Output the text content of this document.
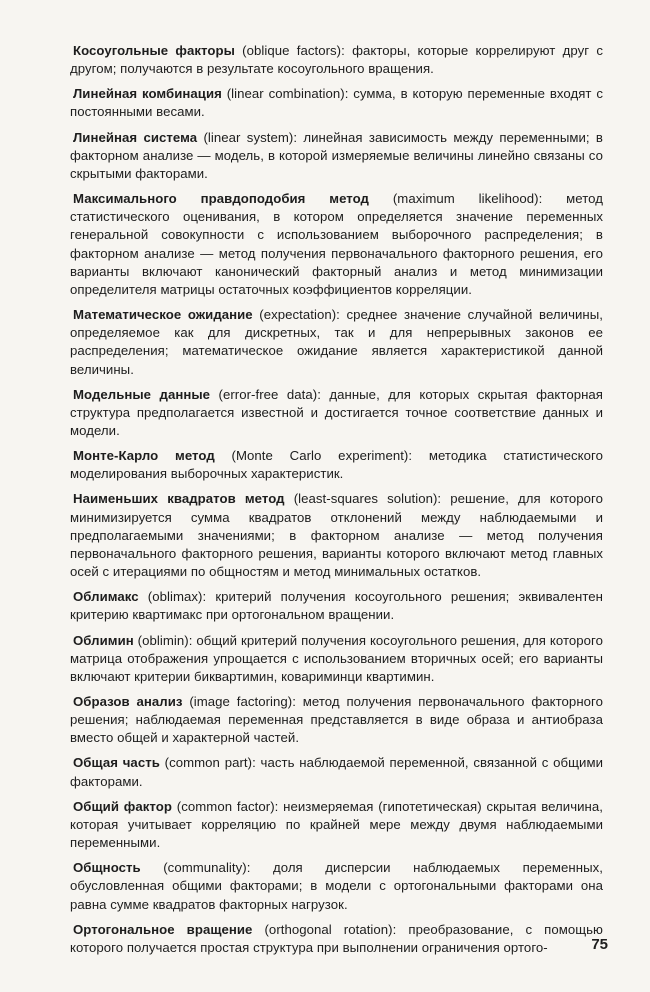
Косоугольные факторы (oblique factors): факторы, которые коррелируют друг с другом; получаются в результате косоугольного вращения.

Линейная комбинация (linear combination): сумма, в которую переменные входят с постоянными весами.

Линейная система (linear system): линейная зависимость между переменными; в факторном анализе — модель, в которой измеряемые величины линейно связаны со скрытыми факторами.

Максимального правдоподобия метод (maximum likelihood): метод статистического оценивания, в котором определяется значение переменных генеральной совокупности с использованием выборочного распределения; в факторном анализе — метод получения первоначального факторного решения, его варианты включают канонический факторный анализ и метод минимизации определителя матрицы остаточных коэффициентов корреляции.

Математическое ожидание (expectation): среднее значение случайной величины, определяемое как для дискретных, так и для непрерывных законов ее распределения; математическое ожидание является характеристикой данной величины.

Модельные данные (error-free data): данные, для которых скрытая факторная структура предполагается известной и достигается точное соответствие данных и модели.

Монте-Карло метод (Monte Carlo experiment): методика статистического моделирования выборочных характеристик.

Наименьших квадратов метод (least-squares solution): решение, для которого минимизируется сумма квадратов отклонений между наблюдаемыми и предполагаемыми значениями; в факторном анализе — метод получения первоначального факторного решения, варианты которого включают метод главных осей с итерациями по общностям и метод минимальных остатков.

Облимакс (oblimax): критерий получения косоугольного решения; эквивалентен критерию квартимакс при ортогональном вращении.

Облимин (oblimin): общий критерий получения косоугольного решения, для которого матрица отображения упрощается с использованием вторичных осей; его варианты включают критерии биквартимин, ковариминци квартимин.

Образов анализ (image factoring): метод получения первоначального факторного решения; наблюдаемая переменная представляется в виде образа и антиобраза вместо общей и характерной частей.

Общая часть (common part): часть наблюдаемой переменной, связанной с общими факторами.

Общий фактор (common factor): неизмеряемая (гипотетическая) скрытая величина, которая учитывает корреляцию по крайней мере между двумя наблюдаемыми переменными.

Общность (communality): доля дисперсии наблюдаемых переменных, обусловленная общими факторами; в модели с ортогональными факторами она равна сумме квадратов факторных нагрузок.

Ортогональное вращение (orthogonal rotation): преобразование, с помощью которого получается простая структура при выполнении ограничения ортого-	75
